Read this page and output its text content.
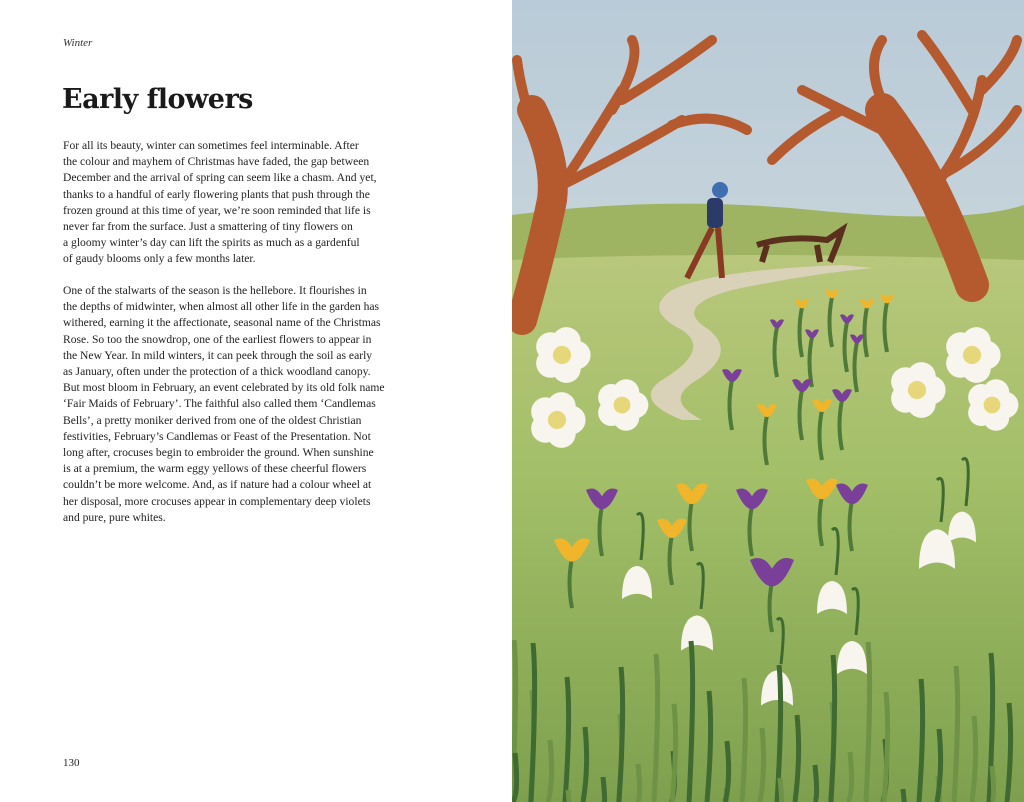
Winter
Early flowers
For all its beauty, winter can sometimes feel interminable. After
the colour and mayhem of Christmas have faded, the gap between
December and the arrival of spring can seem like a chasm. And yet,
thanks to a handful of early flowering plants that push through the
frozen ground at this time of year, we’re soon reminded that life is
never far from the surface. Just a smattering of tiny flowers on
a gloomy winter’s day can lift the spirits as much as a gardenful
of gaudy blooms only a few months later.
One of the stalwarts of the season is the hellebore. It flourishes in
the depths of midwinter, when almost all other life in the garden has
withered, earning it the affectionate, seasonal name of the Christmas
Rose. So too the snowdrop, one of the earliest flowers to appear in
the New Year. In mild winters, it can peek through the soil as early
as January, often under the protection of a thick woodland canopy.
But most bloom in February, an event celebrated by its old folk name
‘Fair Maids of February’. The faithful also called them ‘Candlemas
Bells’, a pretty moniker derived from one of the oldest Christian
festivities, February’s Candlemas or Feast of the Presentation. Not
long after, crocuses begin to embroider the ground. When sunshine
is at a premium, the warm eggy yellows of these cheerful flowers
couldn’t be more welcome. And, as if nature had a colour wheel at
her disposal, more crocuses appear in complementary deep violets
and pure, pure whites.
130
